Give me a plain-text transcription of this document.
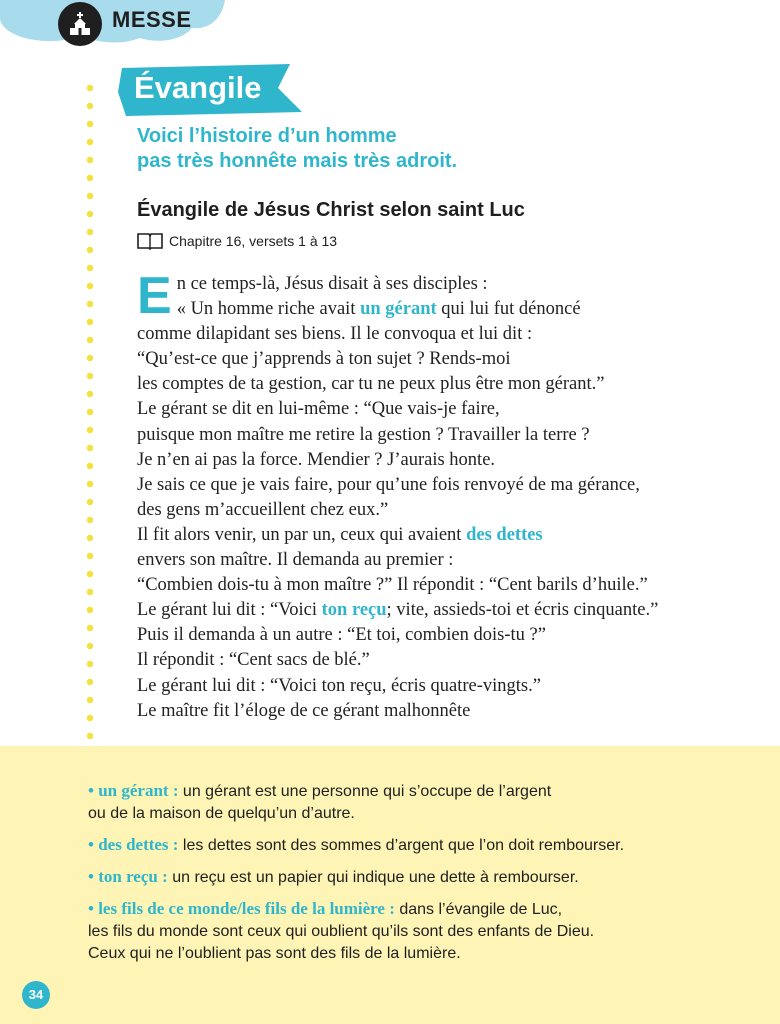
MESSE
Évangile
Voici l’histoire d’un homme
pas très honnête mais très adroit.
Évangile de Jésus Christ selon saint Luc
Chapitre 16, versets 1 à 13
E n ce temps-là, Jésus disait à ses disciples :
« Un homme riche avait un gérant qui lui fut dénoncé
comme dilapidant ses biens. Il le convoqua et lui dit :
“Qu’est-ce que j’apprends à ton sujet ? Rends-moi
les comptes de ta gestion, car tu ne peux plus être mon gérant.”
Le gérant se dit en lui-même : “Que vais-je faire,
puisque mon maître me retire la gestion ? Travailler la terre ?
Je n’en ai pas la force. Mendier ? J’aurais honte.
Je sais ce que je vais faire, pour qu’une fois renvoyé de ma gérance,
des gens m’accueillent chez eux.”
Il fit alors venir, un par un, ceux qui avaient des dettes
envers son maître. Il demanda au premier :
“Combien dois-tu à mon maître ?” Il répondit : “Cent barils d’huile.”
Le gérant lui dit : “Voici ton reçu; vite, assieds-toi et écris cinquante.”
Puis il demanda à un autre : “Et toi, combien dois-tu ?”
Il répondit : “Cent sacs de blé.”
Le gérant lui dit : “Voici ton reçu, écris quatre-vingts.”
Le maître fit l’éloge de ce gérant malhonnête
• un gérant : un gérant est une personne qui s’occupe de l’argent
ou de la maison de quelqu’un d’autre.
• des dettes : les dettes sont des sommes d’argent que l’on doit rembourser.
• ton reçu : un reçu est un papier qui indique une dette à rembourser.
• les fils de ce monde/les fils de la lumière : dans l’évangile de Luc,
les fils du monde sont ceux qui oublient qu’ils sont des enfants de Dieu.
Ceux qui ne l’oublient pas sont des fils de la lumière.
34
